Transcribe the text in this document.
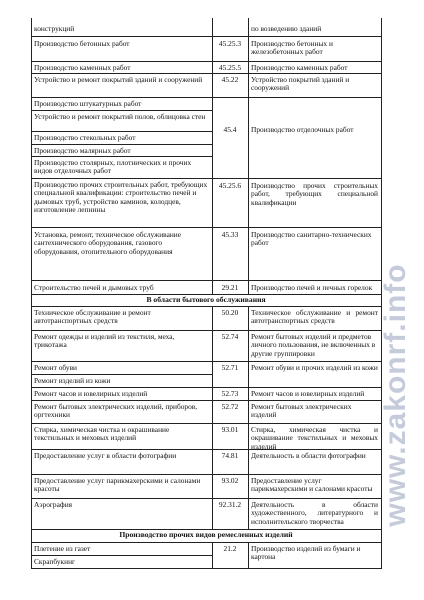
конструкций
Производство бетонных работ
Производство каменных работ
Устройство и ремонт покрытий зданий и сооружений
Производство штукатурных работ
Устройство и ремонт покрытий полов, облицовка стен
Производство стекольных работ
Производство малярных работ
Производство столярных, плотнических и прочих видов отделочных работ
Производство прочих строительных работ, требующих специальной квалификации: строительство печей и дымовых труб, устройство каминов, колодцев, изготовление лепнины
Установка, ремонт, техническое обслуживание сантехнического оборудования, газового оборудования, отопительного оборудования
Строительство печей и дымовых труб
В области бытового обслуживания
Техническое обслуживание и ремонт автотранспортных средств
Ремонт одежды и изделий из текстиля, меха, трикотажа
Ремонт обуви
Ремонт изделий из кожи
Ремонт часов и ювелирных изделий
Ремонт бытовых электрических изделий, приборов, оргтехники
Стирка, химическая чистка и окрашивание текстильных и меховых изделий
Предоставление услуг в области фотографии
Предоставление услуг парикмахерскими и салонами красоты
Аэрография
Производство прочих видов ремесленных изделий
Плетение из газет
Скрапбукинг
45.25.3
45.25.5
45.22
45.4
45.25.6
45.33
29.21
50.20
52.74
52.71
52.73
52.72
93.01
74.81
93.02
92.31.2
21.2
по возведению зданий
Производство бетонных и железобетонных работ
Производство каменных работ
Устройство покрытий зданий и сооружений
Производство отделочных работ
Производство прочих строительных работ, требующих специальной квалификации
Производство санитарно-технических работ
Производство печей и печных горелок
Техническое обслуживание и ремонт автотранспортных средств
Ремонт бытовых изделий и предметов личного пользования, не включенных в другие группировки
Ремонт обуви и прочих изделий из кожи
Ремонт часов и ювелирных изделий
Ремонт бытовых электрических изделий
Стирка, химическая чистка и окрашивание текстильных и меховых изделий
Деятельность в области фотографии
Предоставление услуг парикмахерскими и салонами красоты
Деятельность в области художественного, литературного и исполнительского творчества
Производство изделий из бумаги и картона
www.zakonrf.info
